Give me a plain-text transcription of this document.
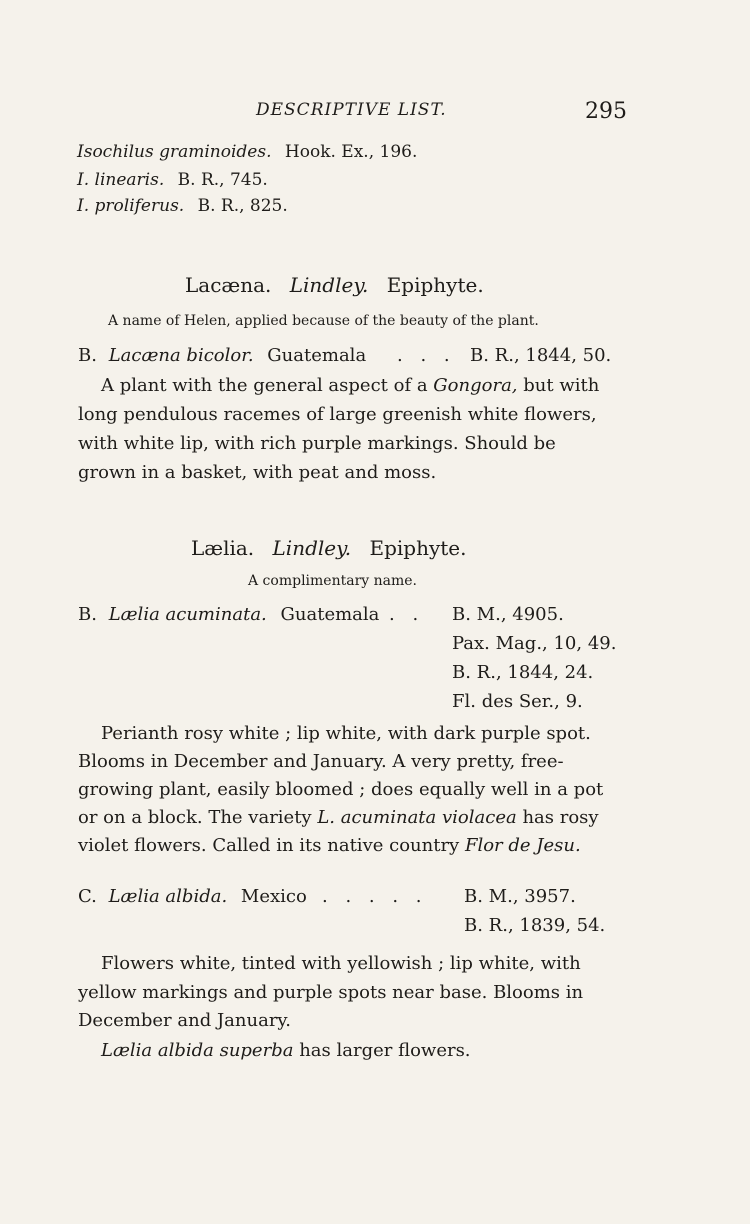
DESCRIPTIVE LIST.	295
Isochilus graminoides. Hook. Ex., 196.
I. linearis. B. R., 745.
I. proliferus. B. R., 825.
Lacæna. Lindley. Epiphyte.
A name of Helen, applied because of the beauty of the plant.
B. Lacæna bicolor. Guatemala . . . B. R., 1844, 50.
A plant with the general aspect of a Gongora, but with
long pendulous racemes of large greenish white flowers,
with white lip, with rich purple markings. Should be
grown in a basket, with peat and moss.
Lælia. Lindley. Epiphyte.
A complimentary name.
B. Lælia acuminata. Guatemala . . B. M., 4905.
Pax. Mag., 10, 49.
B. R., 1844, 24.
Fl. des Ser., 9.
Perianth rosy white ; lip white, with dark purple spot.
Blooms in December and January. A very pretty, free-
growing plant, easily bloomed ; does equally well in a pot
or on a block. The variety L. acuminata violacea has rosy
violet flowers. Called in its native country Flor de Jesu.
C. Lælia albida. Mexico . . . . . B. M., 3957.
B. R., 1839, 54.
Flowers white, tinted with yellowish ; lip white, with
yellow markings and purple spots near base. Blooms in
December and January.
Lælia albida superba has larger flowers.
